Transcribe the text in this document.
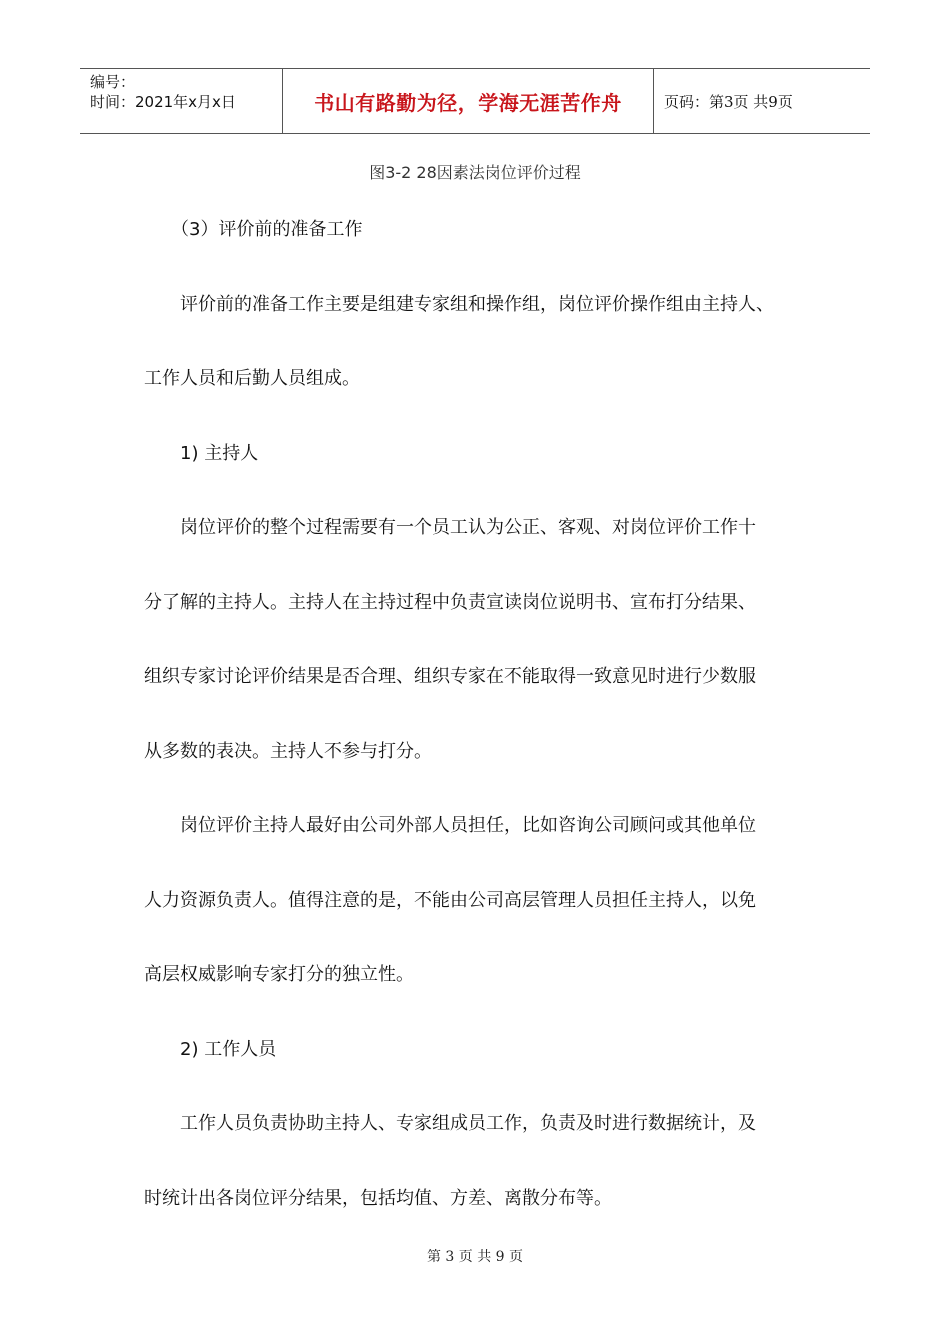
编号：
时间：2021年x月x日	书山有路勤为径，学海无涯苦作舟	页码：第3页 共9页
图3-2 28因素法岗位评价过程
　　（3）评价前的准备工作
　　评价前的准备工作主要是组建专家组和操作组，岗位评价操作组由主持人、
工作人员和后勤人员组成。
　　1) 主持人
　　岗位评价的整个过程需要有一个员工认为公正、客观、对岗位评价工作十
分了解的主持人。主持人在主持过程中负责宣读岗位说明书、宣布打分结果、
组织专家讨论评价结果是否合理、组织专家在不能取得一致意见时进行少数服
从多数的表决。主持人不参与打分。
　　岗位评价主持人最好由公司外部人员担任，比如咨询公司顾问或其他单位
人力资源负责人。值得注意的是，不能由公司高层管理人员担任主持人，以免
高层权威影响专家打分的独立性。
　　2) 工作人员
　　工作人员负责协助主持人、专家组成员工作，负责及时进行数据统计，及
时统计出各岗位评分结果，包括均值、方差、离散分布等。
第 3 页 共 9 页
